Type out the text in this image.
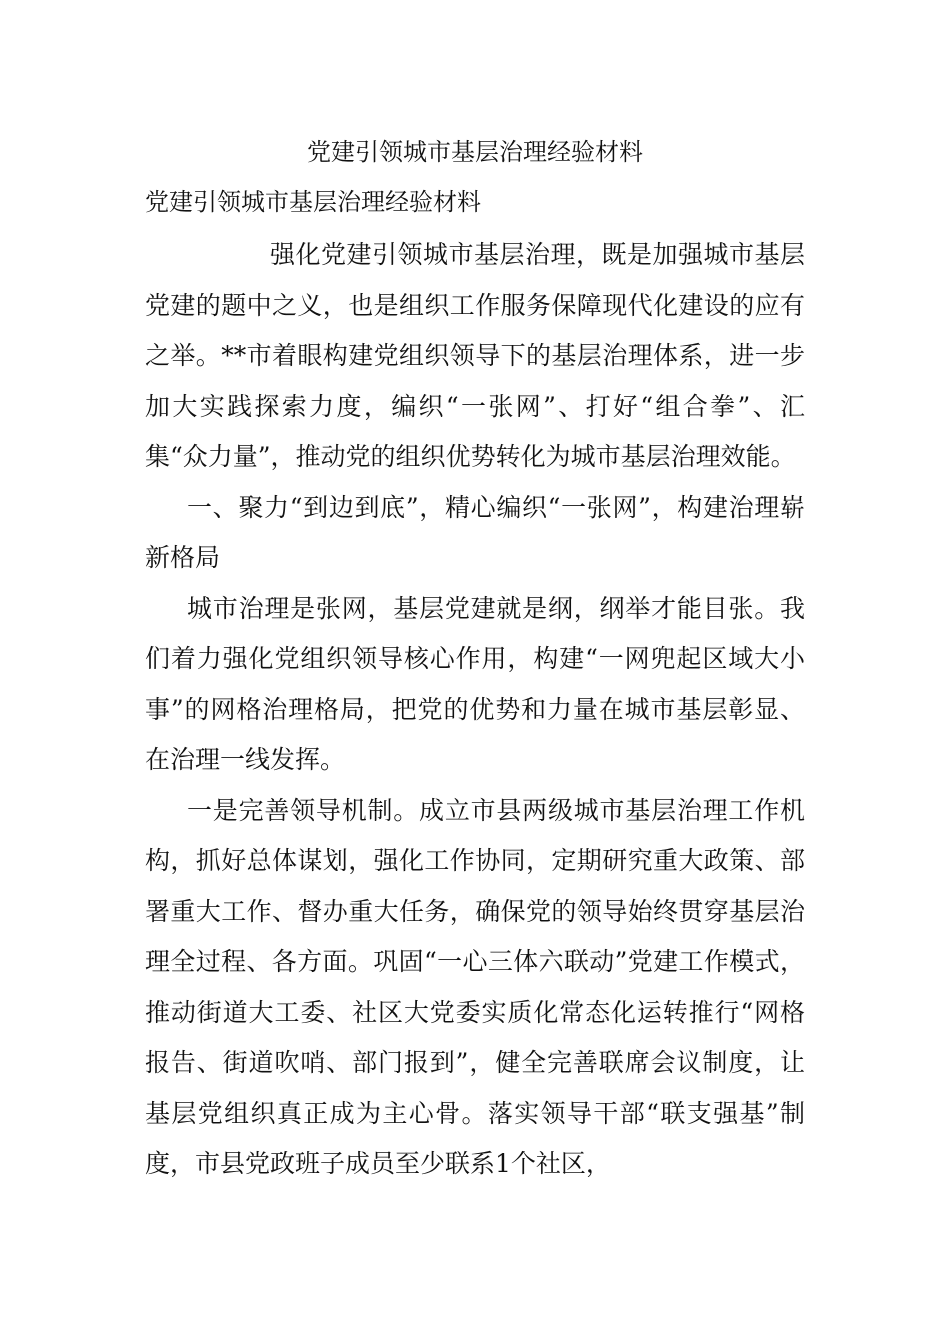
党建引领城市基层治理经验材料
党建引领城市基层治理经验材料

强化党建引领城市基层治理，既是加强城市基层党建的题中之义，也是组织工作服务保障现代化建设的应有之举。**市着眼构建党组织领导下的基层治理体系，进一步加大实践探索力度，编织“一张网”、打好“组合拳”、汇集“众力量”，推动党的组织优势转化为城市基层治理效能。

一、聚力“到边到底”，精心编织“一张网”，构建治理崭新格局

城市治理是张网，基层党建就是纲，纲举才能目张。我们着力强化党组织领导核心作用，构建“一网兜起区域大小事”的网格治理格局，把党的优势和力量在城市基层彰显、在治理一线发挥。

一是完善领导机制。成立市县两级城市基层治理工作机构，抓好总体谋划，强化工作协同，定期研究重大政策、部署重大工作、督办重大任务，确保党的领导始终贯穿基层治理全过程、各方面。巩固“一心三体六联动”党建工作模式，推动街道大工委、社区大党委实质化常态化运转推行“网格报告、街道吹哨、部门报到”，健全完善联席会议制度，让基层党组织真正成为主心骨。落实领导干部“联支强基”制度，市县党政班子成员至少联系1个社区，
